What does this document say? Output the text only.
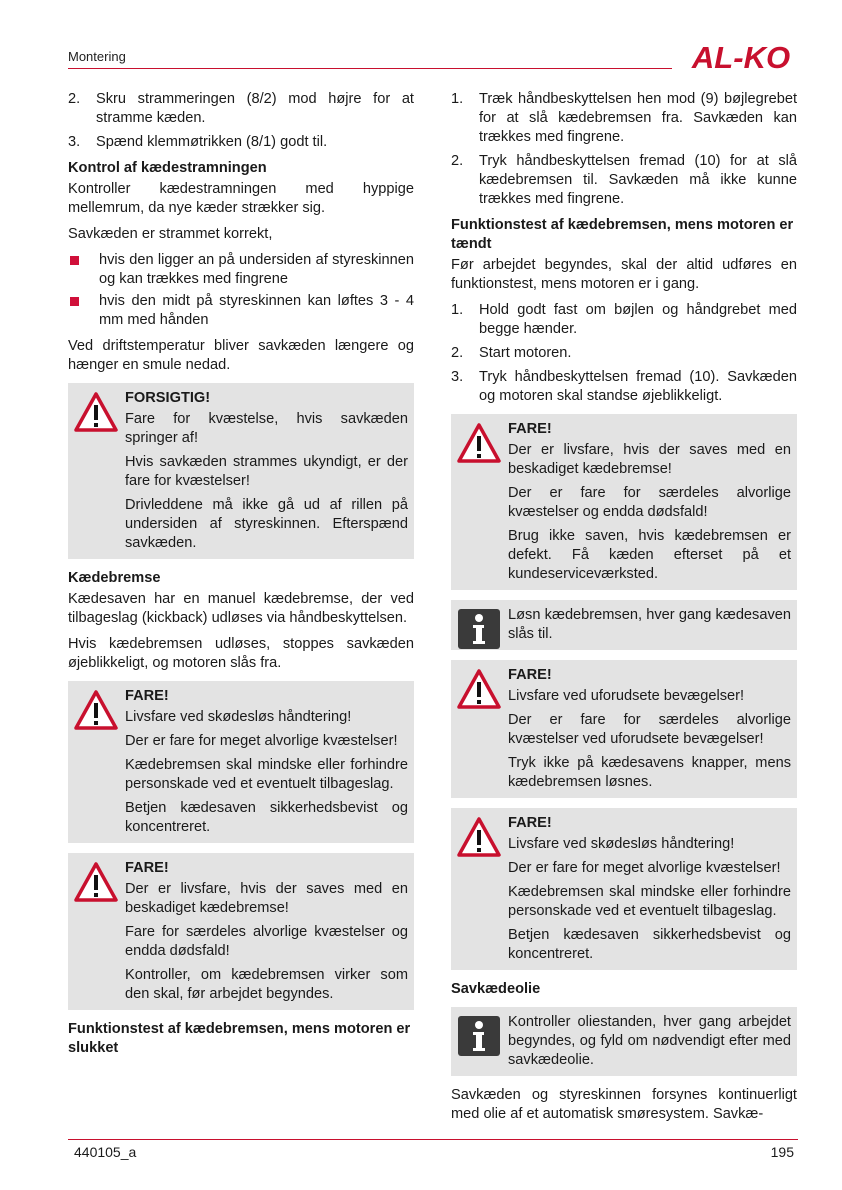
Montering	AL-KO
2. Skru strammeringen (8/2) mod højre for at stramme kæden.
3. Spænd klemmøtrikken (8/1) godt til.
Kontrol af kædestramningen

Kontroller kædestramningen med hyppige mellemrum, da nye kæder strækker sig.

Savkæden er strammet korrekt,

hvis den ligger an på undersiden af styreskinnen og kan trækkes med fingrene
hvis den midt på styreskinnen kan løftes 3 - 4 mm med hånden

Ved driftstemperatur bliver savkæden længere og hænger en smule nedad.

FORSIGTIG!

Fare for kvæstelse, hvis savkæden springer af!

Hvis savkæden strammes ukyndigt, er der fare for kvæstelser!

Drivleddene må ikke gå ud af rillen på undersiden af styreskinnen. Efterspænd savkæden.

Kædebremse

Kædesaven har en manuel kædebremse, der ved tilbageslag (kickback) udløses via håndbeskyttelsen.

Hvis kædebremsen udløses, stoppes savkæden øjeblikkeligt, og motoren slås fra.

FARE!

Livsfare ved skødesløs håndtering!

Der er fare for meget alvorlige kvæstelser!

Kædebremsen skal mindske eller forhindre personskade ved et eventuelt tilbageslag.

Betjen kædesaven sikkerhedsbevist og koncentreret.

FARE!

Der er livsfare, hvis der saves med en beskadiget kædebremse!

Fare for særdeles alvorlige kvæstelser og endda dødsfald!

Kontroller, om kædebremsen virker som den skal, før arbejdet begyndes.

Funktionstest af kædebremsen, mens motoren er slukket
1. Træk håndbeskyttelsen hen mod (9) bøjlegrebet for at slå kædebremsen fra. Savkæden kan trækkes med fingrene.
2. Tryk håndbeskyttelsen fremad (10) for at slå kædebremsen til. Savkæden må ikke kunne trækkes med fingrene.
Funktionstest af kædebremsen, mens motoren er tændt

Før arbejdet begyndes, skal der altid udføres en funktionstest, mens motoren er i gang.

1. Hold godt fast om bøjlen og håndgrebet med begge hænder.
2. Start motoren.
3. Tryk håndbeskyttelsen fremad (10). Savkæden og motoren skal standse øjeblikkeligt.
FARE!

Der er livsfare, hvis der saves med en beskadiget kædebremse!

Der er fare for særdeles alvorlige kvæstelser og endda dødsfald!

Brug ikke saven, hvis kædebremsen er defekt. Få kæden efterset på et kundeserviceværksted.

Løsn kædebremsen, hver gang kædesaven slås til.

FARE!

Livsfare ved uforudsete bevægelser!

Der er fare for særdeles alvorlige kvæstelser ved uforudsete bevægelser!

Tryk ikke på kædesavens knapper, mens kædebremsen løsnes.

FARE!

Livsfare ved skødesløs håndtering!

Der er fare for meget alvorlige kvæstelser!

Kædebremsen skal mindske eller forhindre personskade ved et eventuelt tilbageslag.

Betjen kædesaven sikkerhedsbevist og koncentreret.

Savkædeolie

Kontroller oliestanden, hver gang arbejdet begyndes, og fyld om nødvendigt efter med savkædeolie.

Savkæden og styreskinnen forsynes kontinuerligt med olie af et automatisk smøresystem. Savkæ-

440105_a	195
